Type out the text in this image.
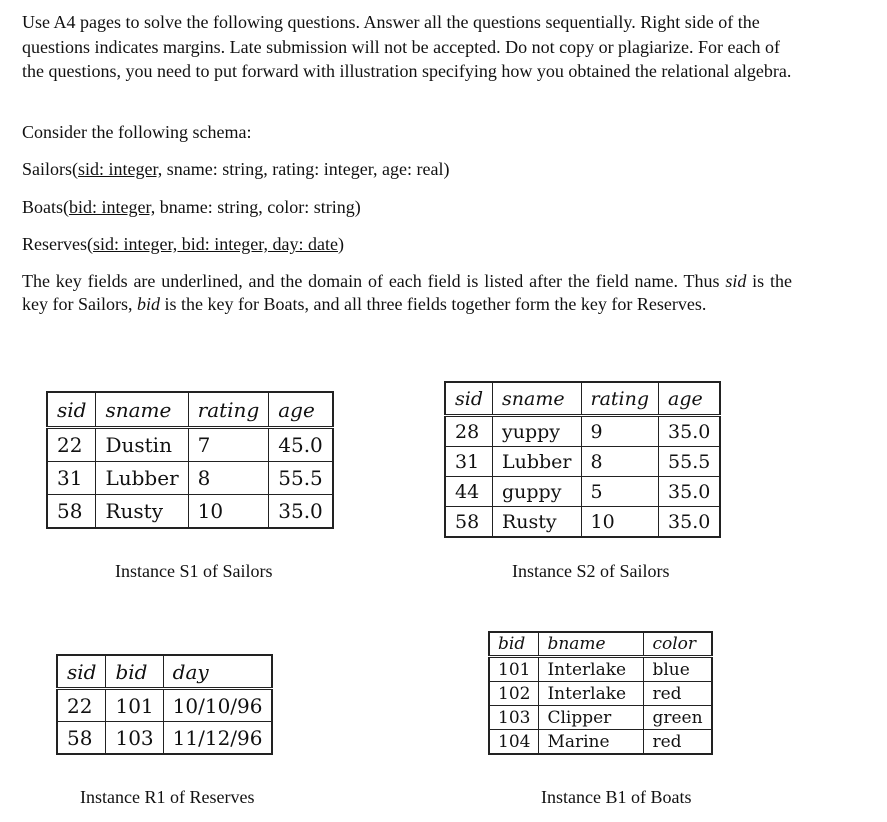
Use A4 pages to solve the following questions. Answer all the questions sequentially. Right side of the questions indicates margins. Late submission will not be accepted. Do not copy or plagiarize. For each of the questions, you need to put forward with illustration specifying how you obtained the relational algebra.

Consider the following schema:

Sailors(sid: integer, sname: string, rating: integer, age: real)

Boats(bid: integer, bname: string, color: string)

Reserves(sid: integer, bid: integer, day: date)

The key fields are underlined, and the domain of each field is listed after the field name. Thus sid is the key for Sailors, bid is the key for Boats, and all three fields together form the key for Reserves.

sid	sname	rating	age
22	Dustin	7	45.0
31	Lubber	8	55.5
58	Rusty	10	35.0

Instance S1 of Sailors

sid	sname	rating	age
28	yuppy	9	35.0
31	Lubber	8	55.5
44	guppy	5	35.0
58	Rusty	10	35.0

Instance S2 of Sailors

sid	bid	day
22	101	10/10/96
58	103	11/12/96

Instance R1 of Reserves

bid	bname	color
101	Interlake	blue
102	Interlake	red
103	Clipper	green
104	Marine	red

Instance B1 of Boats
